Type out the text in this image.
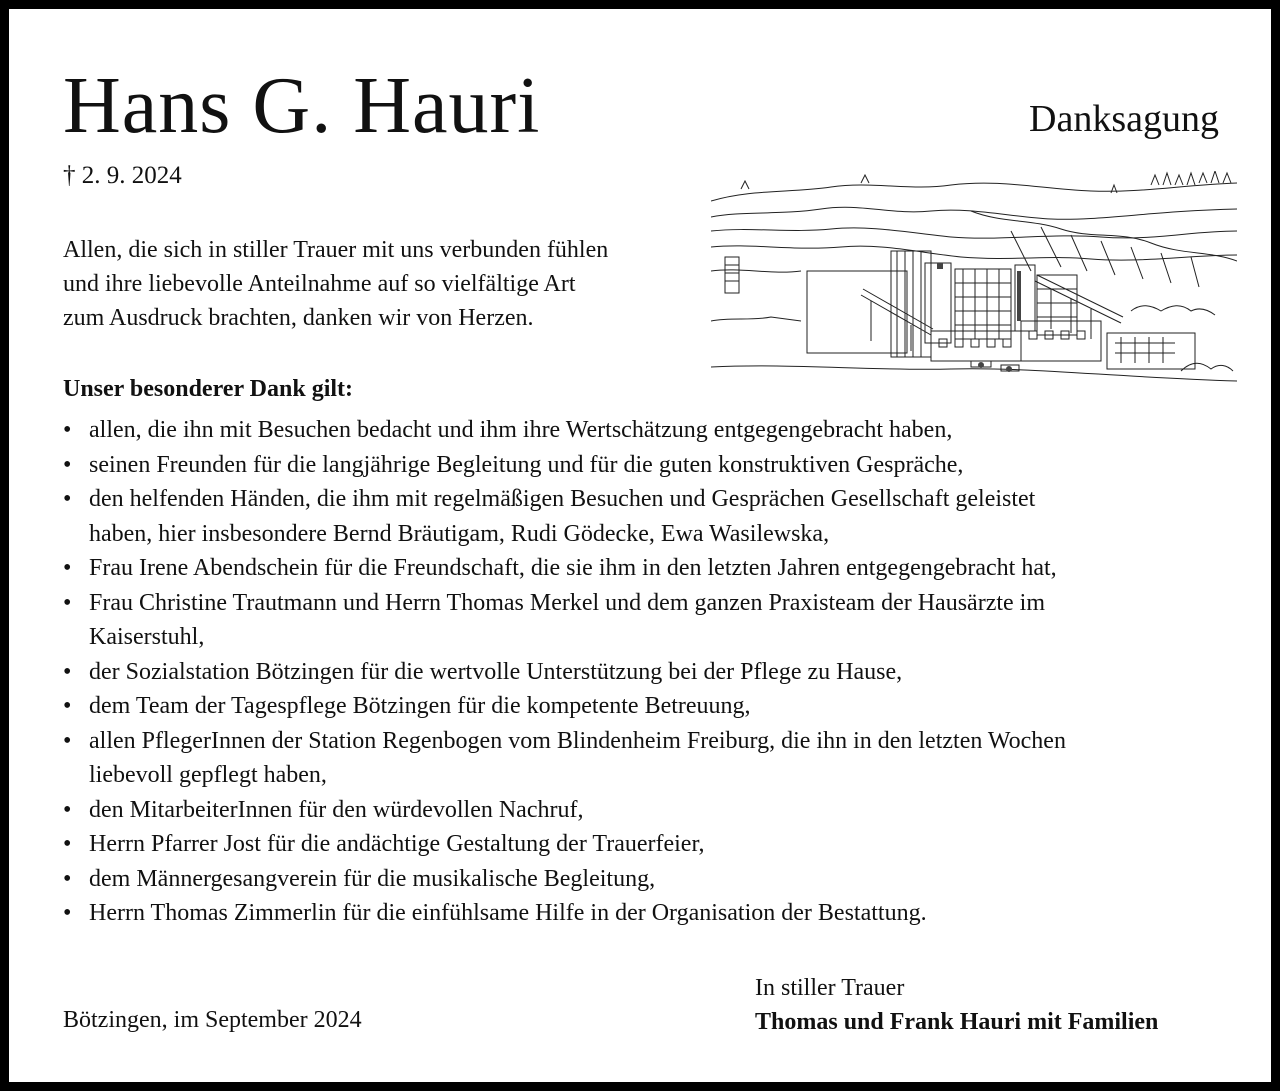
Hans G. Hauri	Danksagung
† 2. 9. 2024
Allen, die sich in stiller Trauer mit uns verbunden fühlen
und ihre liebevolle Anteilnahme auf so vielfältige Art
zum Ausdruck brachten, danken wir von Herzen.
Unser besonderer Dank gilt:
• allen, die ihn mit Besuchen bedacht und ihm ihre Wertschätzung entgegengebracht haben,
• seinen Freunden für die langjährige Begleitung und für die guten konstruktiven Gespräche,
• den helfenden Händen, die ihm mit regelmäßigen Besuchen und Gesprächen Gesellschaft geleistet
haben, hier insbesondere Bernd Bräutigam, Rudi Gödecke, Ewa Wasilewska,
• Frau Irene Abendschein für die Freundschaft, die sie ihm in den letzten Jahren entgegengebracht hat,
• Frau Christine Trautmann und Herrn Thomas Merkel und dem ganzen Praxisteam der Hausärzte im
Kaiserstuhl,
• der Sozialstation Bötzingen für die wertvolle Unterstützung bei der Pflege zu Hause,
• dem Team der Tagespflege Bötzingen für die kompetente Betreuung,
• allen PflegerInnen der Station Regenbogen vom Blindenheim Freiburg, die ihn in den letzten Wochen
liebevoll gepflegt haben,
• den MitarbeiterInnen für den würdevollen Nachruf,
• Herrn Pfarrer Jost für die andächtige Gestaltung der Trauerfeier,
• dem Männergesangverein für die musikalische Begleitung,
• Herrn Thomas Zimmerlin für die einfühlsame Hilfe in der Organisation der Bestattung.
Bötzingen, im September 2024
In stiller Trauer
Thomas und Frank Hauri mit Familien
